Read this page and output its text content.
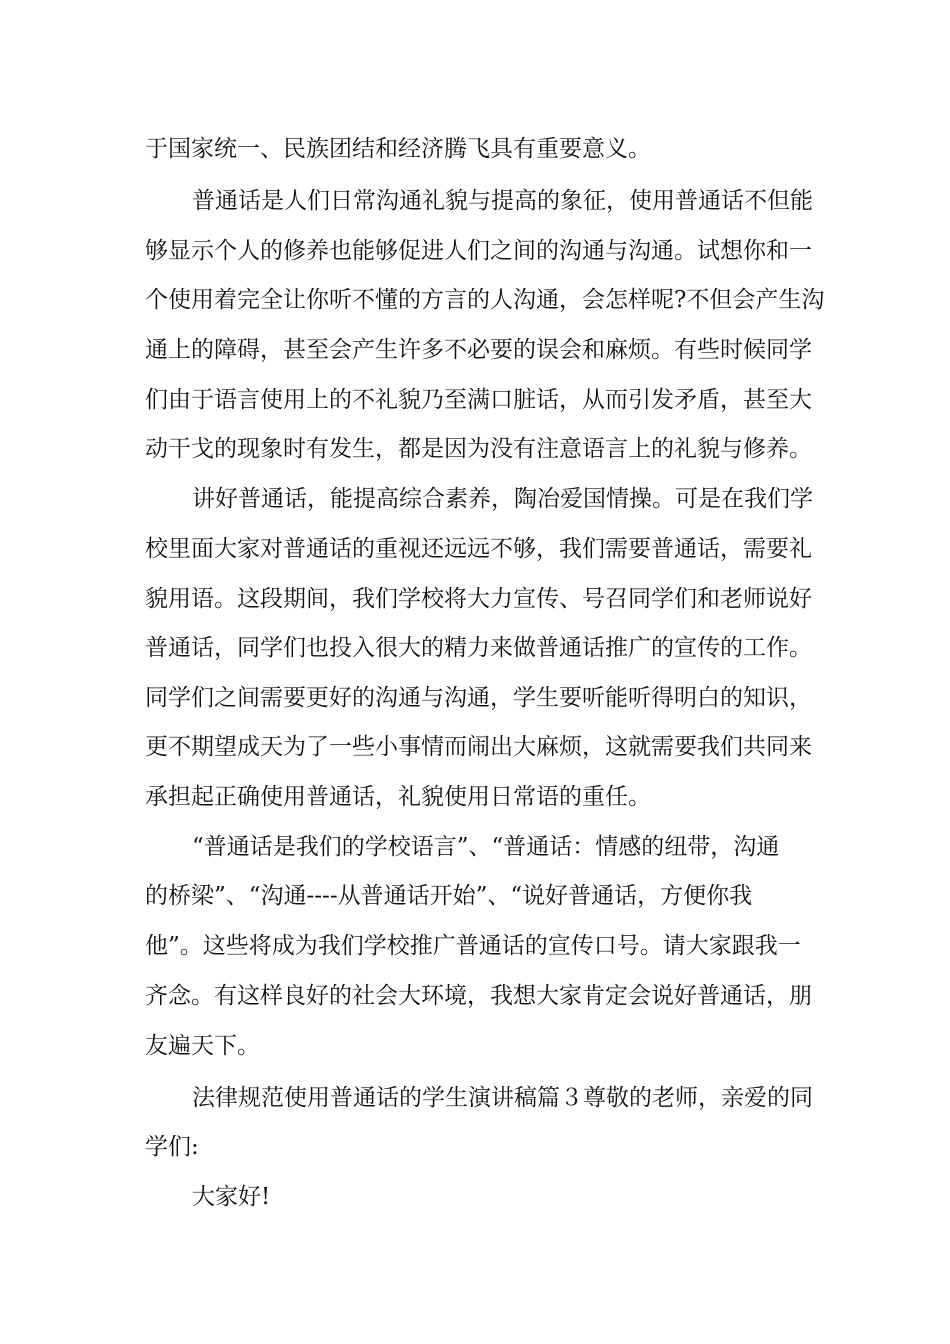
于国家统一、民族团结和经济腾飞具有重要意义。

普通话是人们日常沟通礼貌与提高的象征，使用普通话不但能

够显示个人的修养也能够促进人们之间的沟通与沟通。试想你和一

个使用着完全让你听不懂的方言的人沟通，会怎样呢?不但会产生沟

通上的障碍，甚至会产生许多不必要的误会和麻烦。有些时候同学

们由于语言使用上的不礼貌乃至满口脏话，从而引发矛盾，甚至大

动干戈的现象时有发生，都是因为没有注意语言上的礼貌与修养。

讲好普通话，能提高综合素养，陶冶爱国情操。可是在我们学

校里面大家对普通话的重视还远远不够，我们需要普通话，需要礼

貌用语。这段期间，我们学校将大力宣传、号召同学们和老师说好

普通话，同学们也投入很大的精力来做普通话推广的宣传的工作。

同学们之间需要更好的沟通与沟通，学生要听能听得明白的知识，

更不期望成天为了一些小事情而闹出大麻烦，这就需要我们共同来

承担起正确使用普通话，礼貌使用日常语的重任。

“普通话是我们的学校语言”、“普通话：情感的纽带，沟通

的桥梁”、“沟通----从普通话开始”、“说好普通话，方便你我

他”。这些将成为我们学校推广普通话的宣传口号。请大家跟我一

齐念。有这样良好的社会大环境，我想大家肯定会说好普通话，朋

友遍天下。

法律规范使用普通话的学生演讲稿篇３尊敬的老师，亲爱的同

学们:

大家好!
